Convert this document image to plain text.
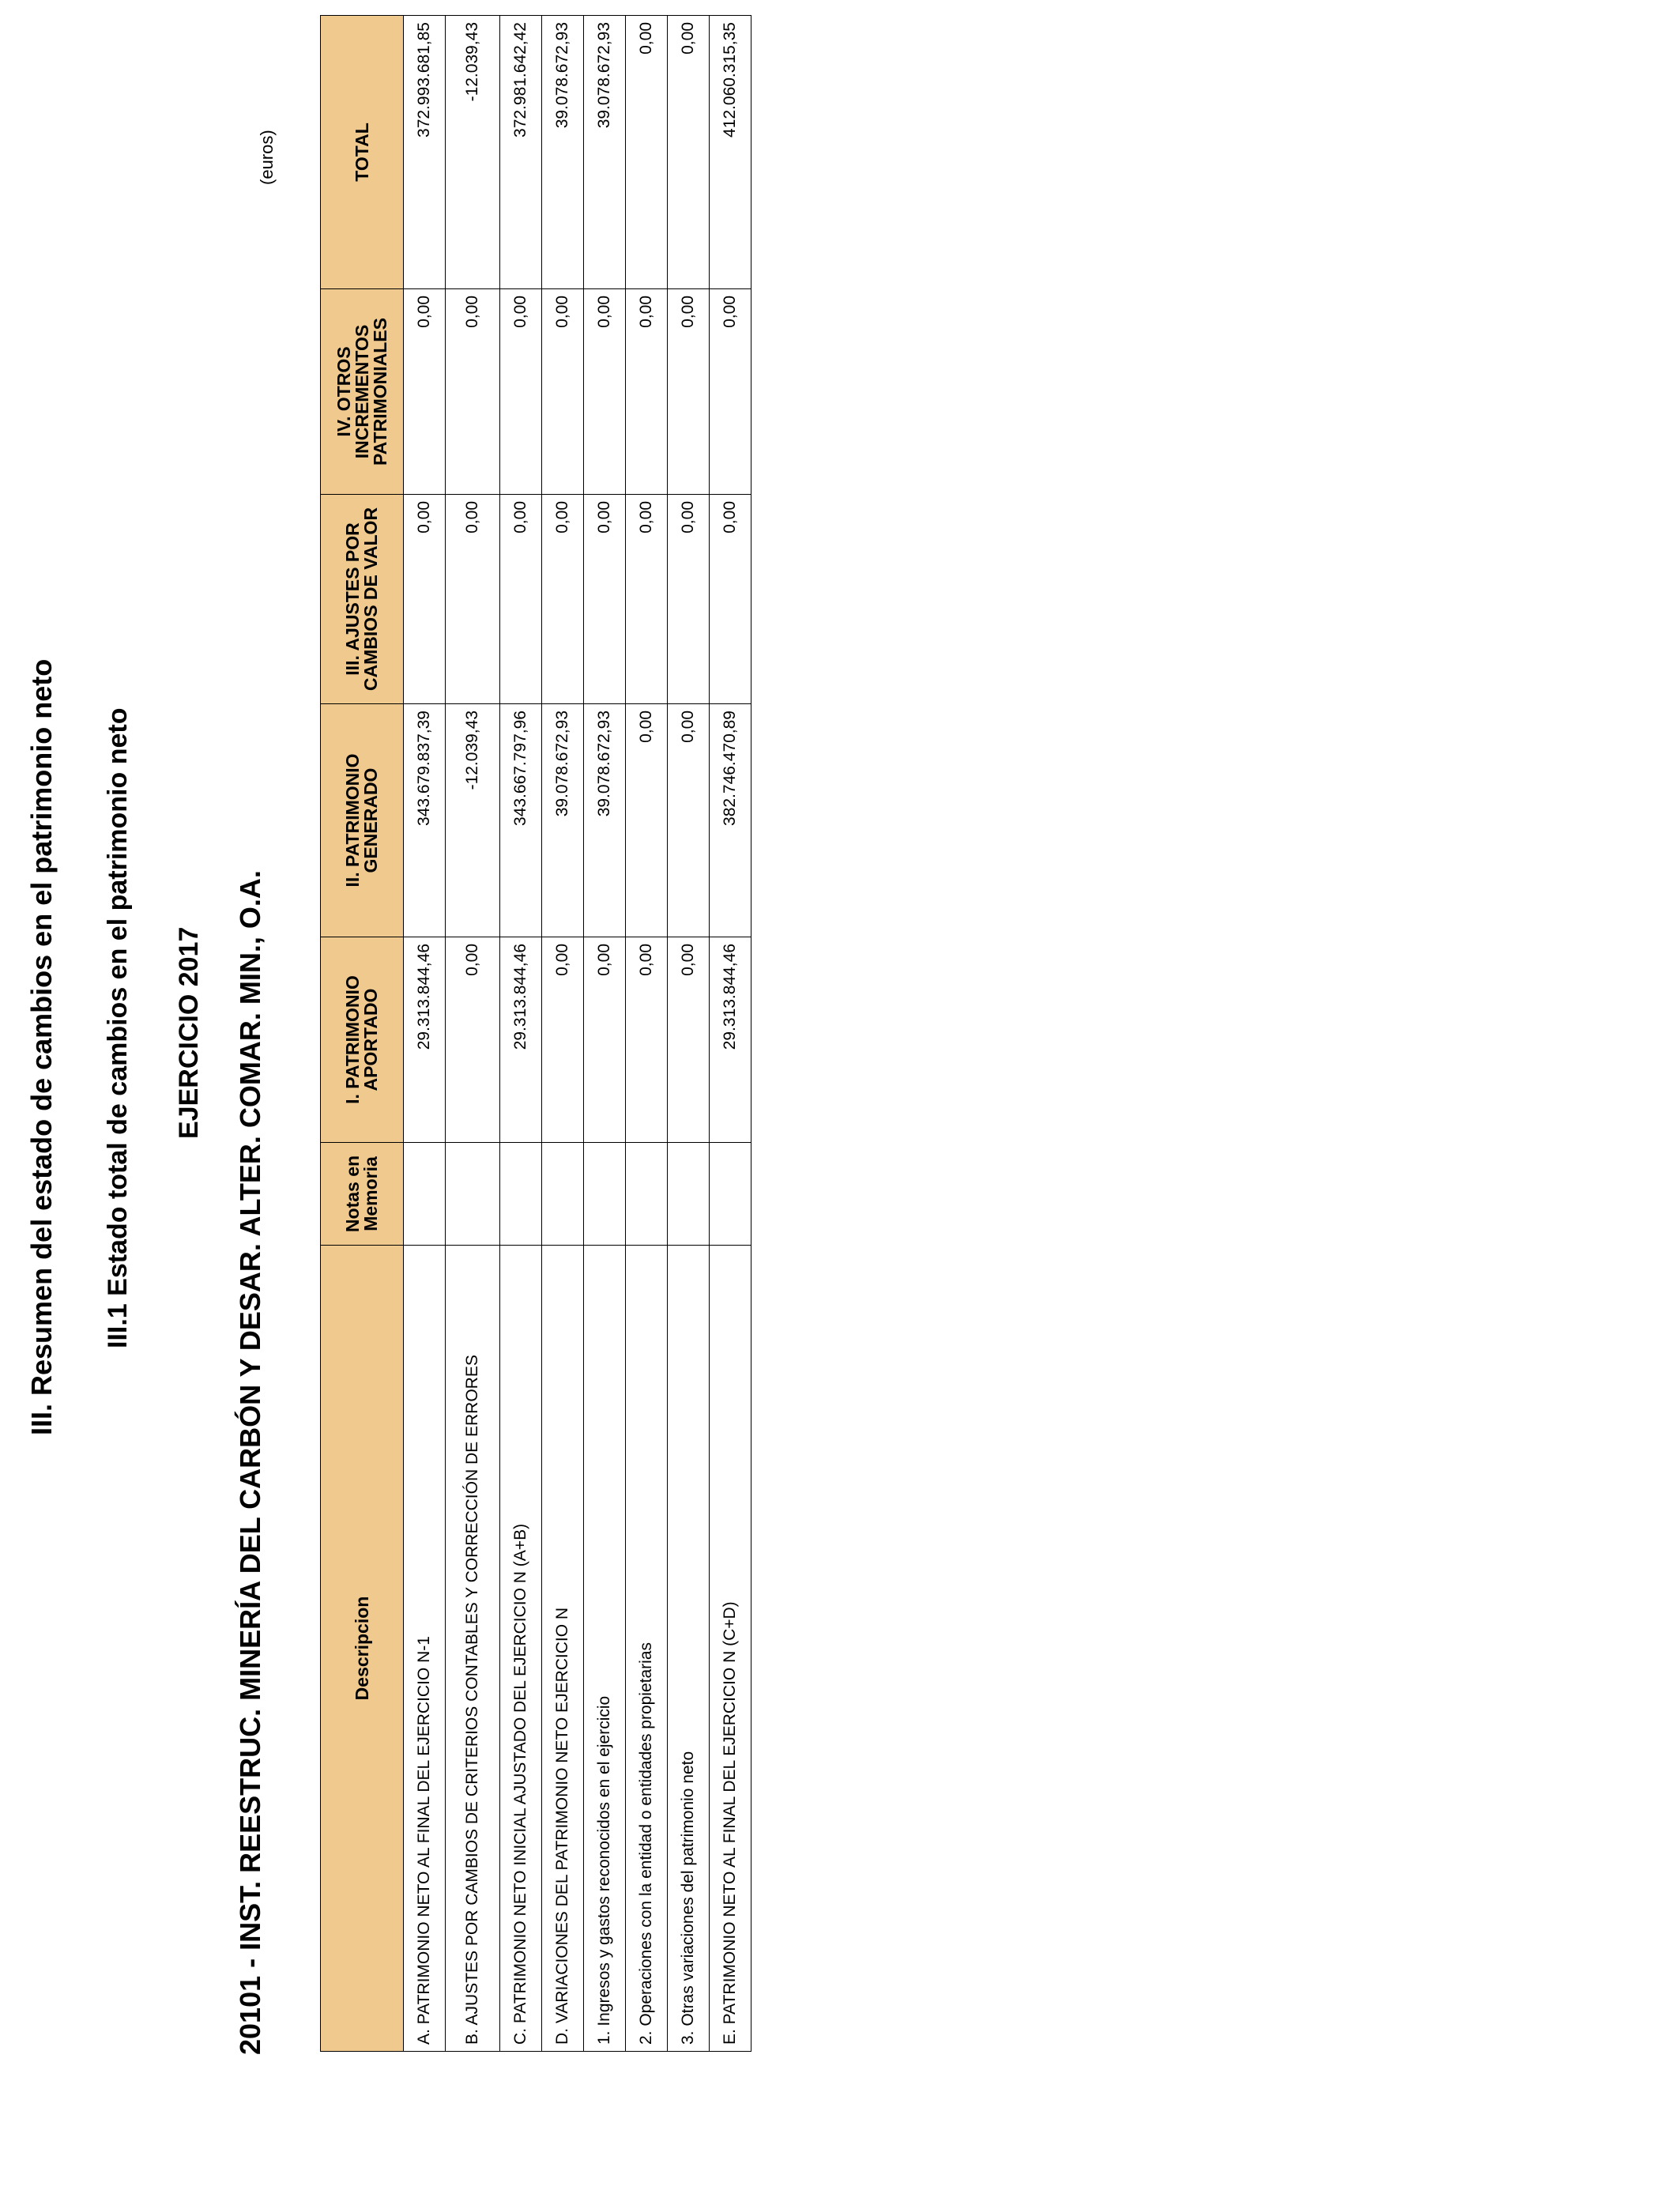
III. Resumen del estado de cambios en el patrimonio neto III.1 Estado total de cambios en el patrimonio neto EJERCICIO 2017 20101 - INST. REESTRUC. MINERÍA DEL CARBÓN Y DESAR. ALTER. COMAR. MIN., O.A.
(euros)
Descripcion	Notas en Memoria	I. PATRIMONIO APORTADO	II. PATRIMONIO GENERADO	III. AJUSTES POR CAMBIOS DE VALOR	IV. OTROS INCREMENTOS PATRIMONIALES	TOTAL
A. PATRIMONIO NETO AL FINAL DEL EJERCICIO N-1		29.313.844,46	343.679.837,39	0,00	0,00	372.993.681,85
B. AJUSTES POR CAMBIOS DE CRITERIOS CONTABLES Y CORRECCIÓN DE ERRORES		0,00	-12.039,43	0,00	0,00	-12.039,43
C. PATRIMONIO NETO INICIAL AJUSTADO DEL EJERCICIO N (A+B)		29.313.844,46	343.667.797,96	0,00	0,00	372.981.642,42
D. VARIACIONES DEL PATRIMONIO NETO EJERCICIO N		0,00	39.078.672,93	0,00	0,00	39.078.672,93
1. Ingresos y gastos reconocidos en el ejercicio		0,00	39.078.672,93	0,00	0,00	39.078.672,93
2. Operaciones con la entidad o entidades propietarias		0,00	0,00	0,00	0,00	0,00
3. Otras variaciones del patrimonio neto		0,00	0,00	0,00	0,00	0,00
E. PATRIMONIO NETO AL FINAL DEL EJERCICIO N (C+D)		29.313.844,46	382.746.470,89	0,00	0,00	412.060.315,35
